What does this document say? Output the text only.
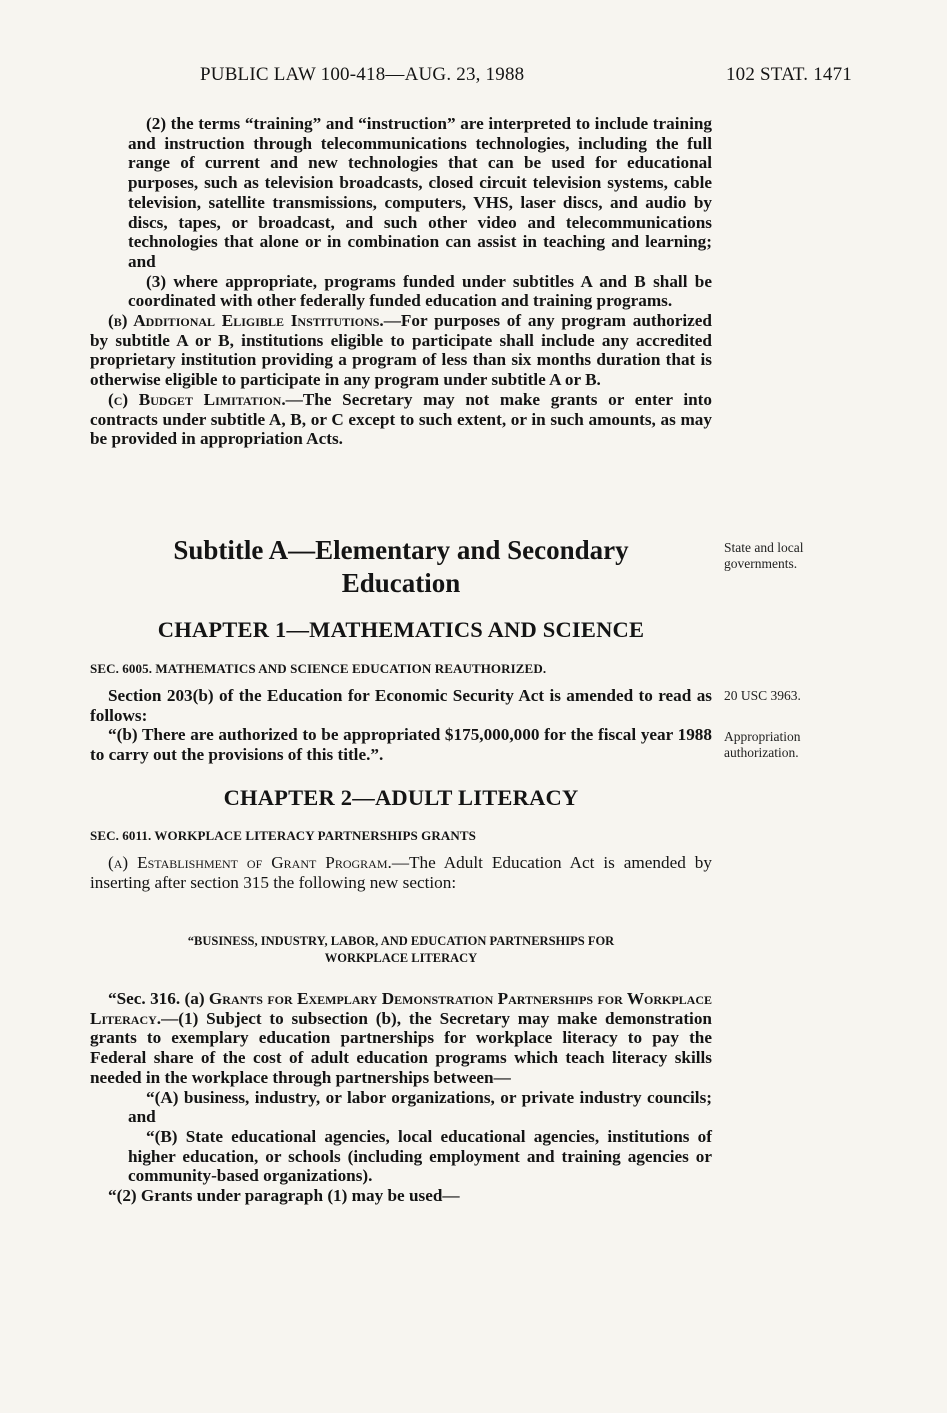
PUBLIC LAW 100-418—AUG. 23, 1988	102 STAT. 1471

(2) the terms “training” and “instruction” are interpreted to include training and instruction through telecommunications technologies, including the full range of current and new technologies that can be used for educational purposes, such as television broadcasts, closed circuit television systems, cable television, satellite transmissions, computers, VHS, laser discs, and audio by discs, tapes, or broadcast, and such other video and telecommunications technologies that alone or in combination can assist in teaching and learning; and

(3) where appropriate, programs funded under subtitles A and B shall be coordinated with other federally funded education and training programs.

(b) Additional Eligible Institutions.—For purposes of any program authorized by subtitle A or B, institutions eligible to participate shall include any accredited proprietary institution providing a program of less than six months duration that is otherwise eligible to participate in any program under subtitle A or B.

(c) Budget Limitation.—The Secretary may not make grants or enter into contracts under subtitle A, B, or C except to such extent, or in such amounts, as may be provided in appropriation Acts.

Subtitle A—Elementary and Secondary Education
State and local governments.
CHAPTER 1—MATHEMATICS AND SCIENCE
SEC. 6005. MATHEMATICS AND SCIENCE EDUCATION REAUTHORIZED.

Section 203(b) of the Education for Economic Security Act is amended to read as follows:

“(b) There are authorized to be appropriated $175,000,000 for the fiscal year 1988 to carry out the provisions of this title.”.

20 USC 3963.
Appropriation authorization.
CHAPTER 2—ADULT LITERACY
SEC. 6011. WORKPLACE LITERACY PARTNERSHIPS GRANTS

(a) Establishment of Grant Program.—The Adult Education Act is amended by inserting after section 315 the following new section:

“BUSINESS, INDUSTRY, LABOR, AND EDUCATION PARTNERSHIPS FOR WORKPLACE LITERACY

“Sec. 316. (a) Grants for Exemplary Demonstration Partnerships for Workplace Literacy.—(1) Subject to subsection (b), the Secretary may make demonstration grants to exemplary education partnerships for workplace literacy to pay the Federal share of the cost of adult education programs which teach literacy skills needed in the workplace through partnerships between—

“(A) business, industry, or labor organizations, or private industry councils; and

“(B) State educational agencies, local educational agencies, institutions of higher education, or schools (including employment and training agencies or community-based organizations).

“(2) Grants under paragraph (1) may be used—
